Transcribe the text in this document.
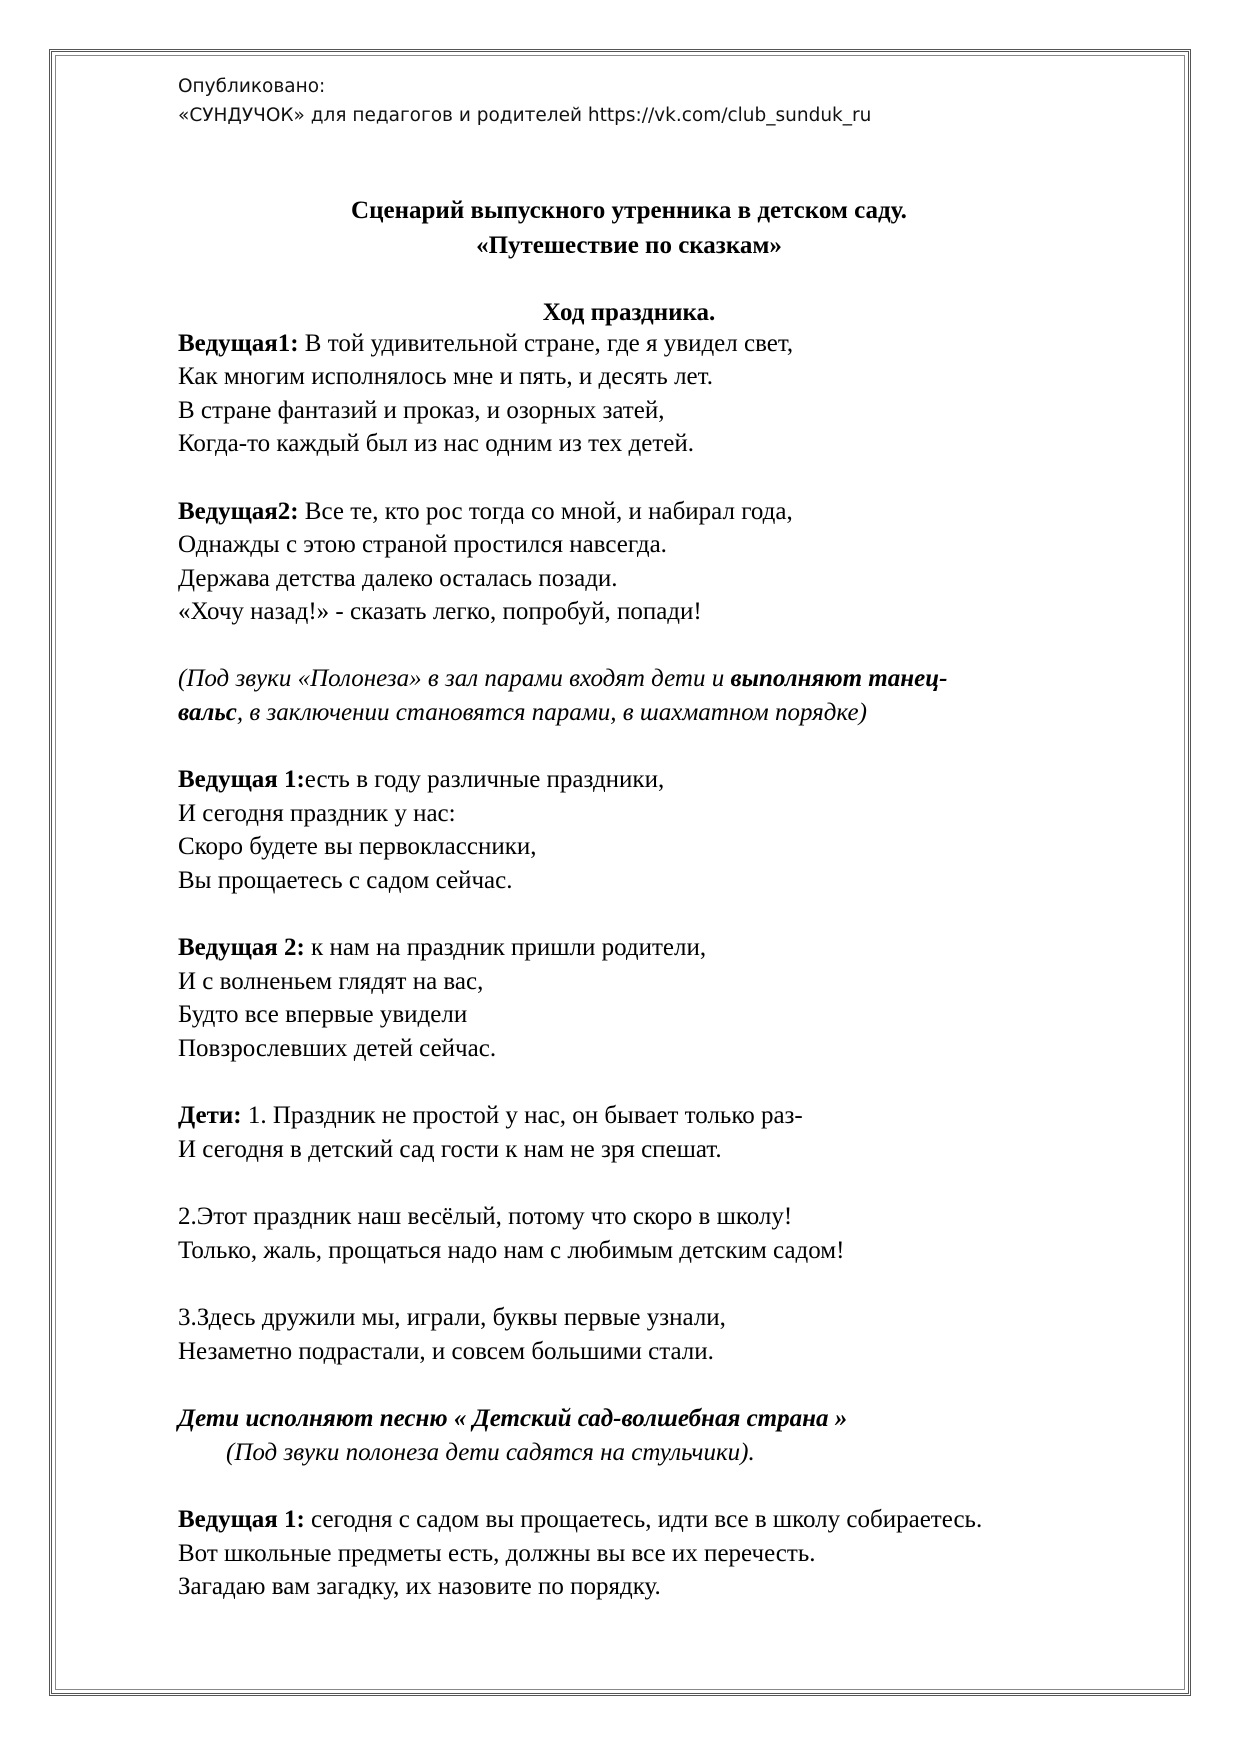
Опубликовано:
«СУНДУЧОК» для педагогов и родителей https://vk.com/club_sunduk_ru
Сценарий выпускного утренника в детском саду.
«Путешествие по сказкам»
Ход праздника.
Ведущая1: В той удивительной стране, где я увидел свет,
Как многим исполнялось мне и пять, и десять лет.
В стране фантазий и проказ, и озорных затей,
Когда-то каждый был из нас одним из тех детей.
Ведущая2: Все те, кто рос тогда со мной, и набирал года,
Однажды с этою страной простился навсегда.
Держава детства далеко осталась позади.
«Хочу назад!» - сказать легко, попробуй, попади!
(Под звуки «Полонеза» в зал парами входят дети и выполняют танец-
вальс, в заключении становятся парами, в шахматном порядке)
Ведущая 1:есть в году различные праздники,
И сегодня праздник у нас:
Скоро будете вы первоклассники,
Вы прощаетесь с садом сейчас.
Ведущая 2: к нам на праздник пришли родители,
И с волненьем глядят на вас,
Будто все впервые увидели
Повзрослевших детей сейчас.
Дети: 1. Праздник не простой у нас, он бывает только раз-
И сегодня в детский сад гости к нам не зря спешат.
2.Этот праздник наш весёлый, потому что скоро в школу!
Только, жаль, прощаться надо нам с любимым детским садом!
3.Здесь дружили мы, играли, буквы первые узнали,
Незаметно подрастали, и совсем большими стали.
Дети исполняют песню « Детский сад-волшебная страна »
(Под звуки полонеза дети садятся на стульчики).
Ведущая 1: сегодня с садом вы прощаетесь, идти все в школу собираетесь.
Вот школьные предметы есть, должны вы все их перечесть.
Загадаю вам загадку, их назовите по порядку.
